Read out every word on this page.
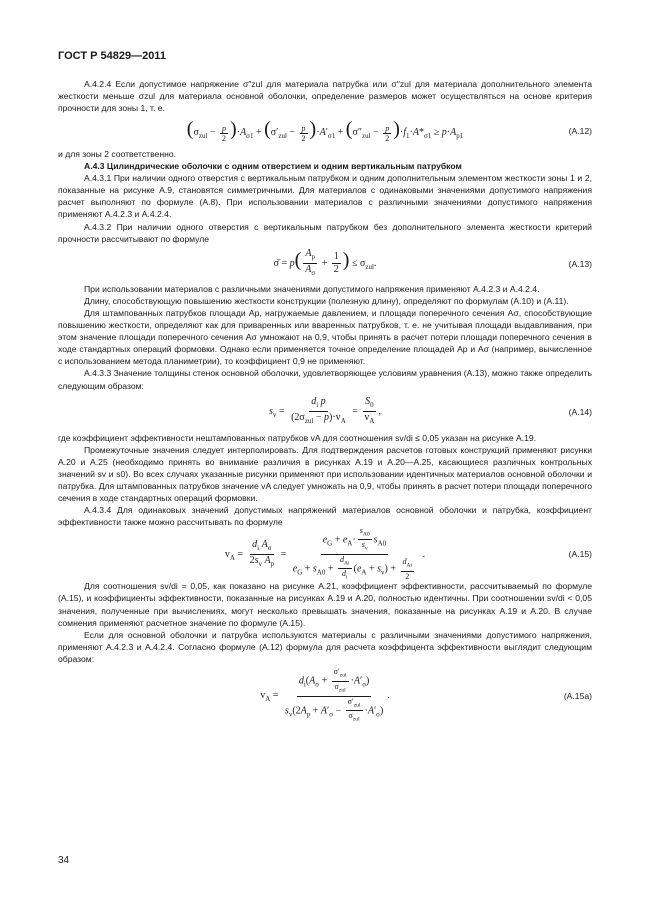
ГОСТ Р 54829—2011

А.4.2.4 Если допустимое напряжение σ″zul для материала патрубка или σ′′zul для материала дополнительного элемента жесткости меньше σzul для материала основной оболочки, определение размеров может осуществляться на основе критерия прочности для зоны 1, т. е.

$(\sigma_{zul} - \frac{p}{2} )\cdot A_{\sigma 1} + (\sigma'_{zul} - \frac{p}{2} )\cdot A'_{\sigma 1} + (\sigma''_{zul} - \frac{p}{2} )\cdot f_1\cdot A*_{\sigma 1} \ge p\cdot A_{p1}$
(А.12)

и для зоны 2 соответственно.

А.4.3 Цилиндрические оболочки с одним отверстием и одним вертикальным патрубком

А.4.3.1 При наличии одного отверстия с вертикальным патрубком и одним дополнительным элементом жесткости зоны 1 и 2, показанные на рисунке А.9, становятся симметричными. Для материалов с одинаковыми значениями допустимого напряжения расчет выполняют по формуле (А.8). При использовании материалов с различными значениями допустимого напряжения применяют А.4.2.3 и А.4.2.4.

А.4.3.2 При наличии одного отверстия с вертикальным патрубком без дополнительного элемента жесткости критерий прочности рассчитывают по формуле

σ̄ = $p( \frac{A_p}{A_\sigma} + \frac{1}{2}$ ) ≤ $\sigma_{zul}$.	(А.13)

При использовании материалов с различными значениями допустимого напряжения применяют А.4.2.3 и А.4.2.4.

Длину, способствующую повышению жесткости конструкции (полезную длину), определяют по формулам (А.10) и (А.11).

Для штампованных патрубков площади Ap, нагружаемые давлением, и площади поперечного сечения Aσ, способствующие повышению жесткости, определяют как для приваренных или вваренных патрубков, т. е. не учитывая площади выдавливания, при этом значение площади поперечного сечения Aσ умножают на 0,9, чтобы принять в расчет потери площади поперечного сечения в ходе стандартных операций формовки. Однако если применяется точное определение площадей Ap и Aσ (например, вычисленное с использованием метода планиметрии), то коэффициент 0,9 не применяют.

А.4.3.3 Значение толщины стенок основной оболочки, удовлетворяющее условиям уравнения (А.13), можно также определить следующим образом:

$s_v = \frac{d_i p}{(2\sigma_{zul} - p)\cdot v_A} = \frac{S_0}{v_A}$ ,	(А.14)

где коэффициент эффективности нештампованных патрубков vA для соотношения sv/di ≤ 0,05 указан на рисунке А.19.

Промежуточные значения следует интерполировать. Для подтверждения расчетов готовых конструкций применяют рисунки А.20 и А.25 (необходимо принять во внимание различия в рисунках А.19 и А.20—А.25, касающиеся различных контрольных значений sv и s0). Во всех случаях указанные рисунки применяют при использовании идентичных материалов основной оболочки и патрубка. Для штампованных патрубков значение vA следует умножать на 0,9, чтобы принять в расчет потери площади поперечного сечения в ходе стандартных операций формовки.

А.4.3.4 Для одинаковых значений допустимых напряжений материалов основной оболочки и патрубка, коэффициент эффективности также можно рассчитывать по формуле

$v_A = \frac{d_i A_\sigma}{2s_v A_p} = \frac{e_G + e_A\cdot \frac{s_{A0}}{s_v} s_{A0}}{e_G + s_{A0} + \frac{d_{Ai}}{d_i} (e_A + s_v) + \frac{d_{Ai}}{2}}$ .	(А.15)

Для соотношения sv/di = 0,05, как показано на рисунке А.21, коэффициент эффективности, рассчитываемый по формуле (А.15), и коэффициенты эффективности, показанные на рисунках А.19 и А.20, полностью идентичны. При соотношении sv/di < 0,05 значения, полученные при вычислениях, могут несколько превышать значения, показанные на рисунках А.19 и А.20. В случае сомнения применяют расчетное значение по формуле (А.15).

Если для основной оболочки и патрубка используются материалы с различными значениями допустимого напряжения, применяют А.4.2.3 и А.4.2.4. Согласно формуле (А.12) формула для расчета коэффицента эффективности выглядит следующим образом:

$v_A = \frac{d_i(A_\sigma + \frac{\sigma'_{zul}}{\sigma_{zul}} \cdot A'_\sigma)}{s_v(2A_p + A'_\sigma - \frac{\sigma'_{zul}}{\sigma_{zul}} \cdot A'_\sigma)}$ .	(А.15а)
34
